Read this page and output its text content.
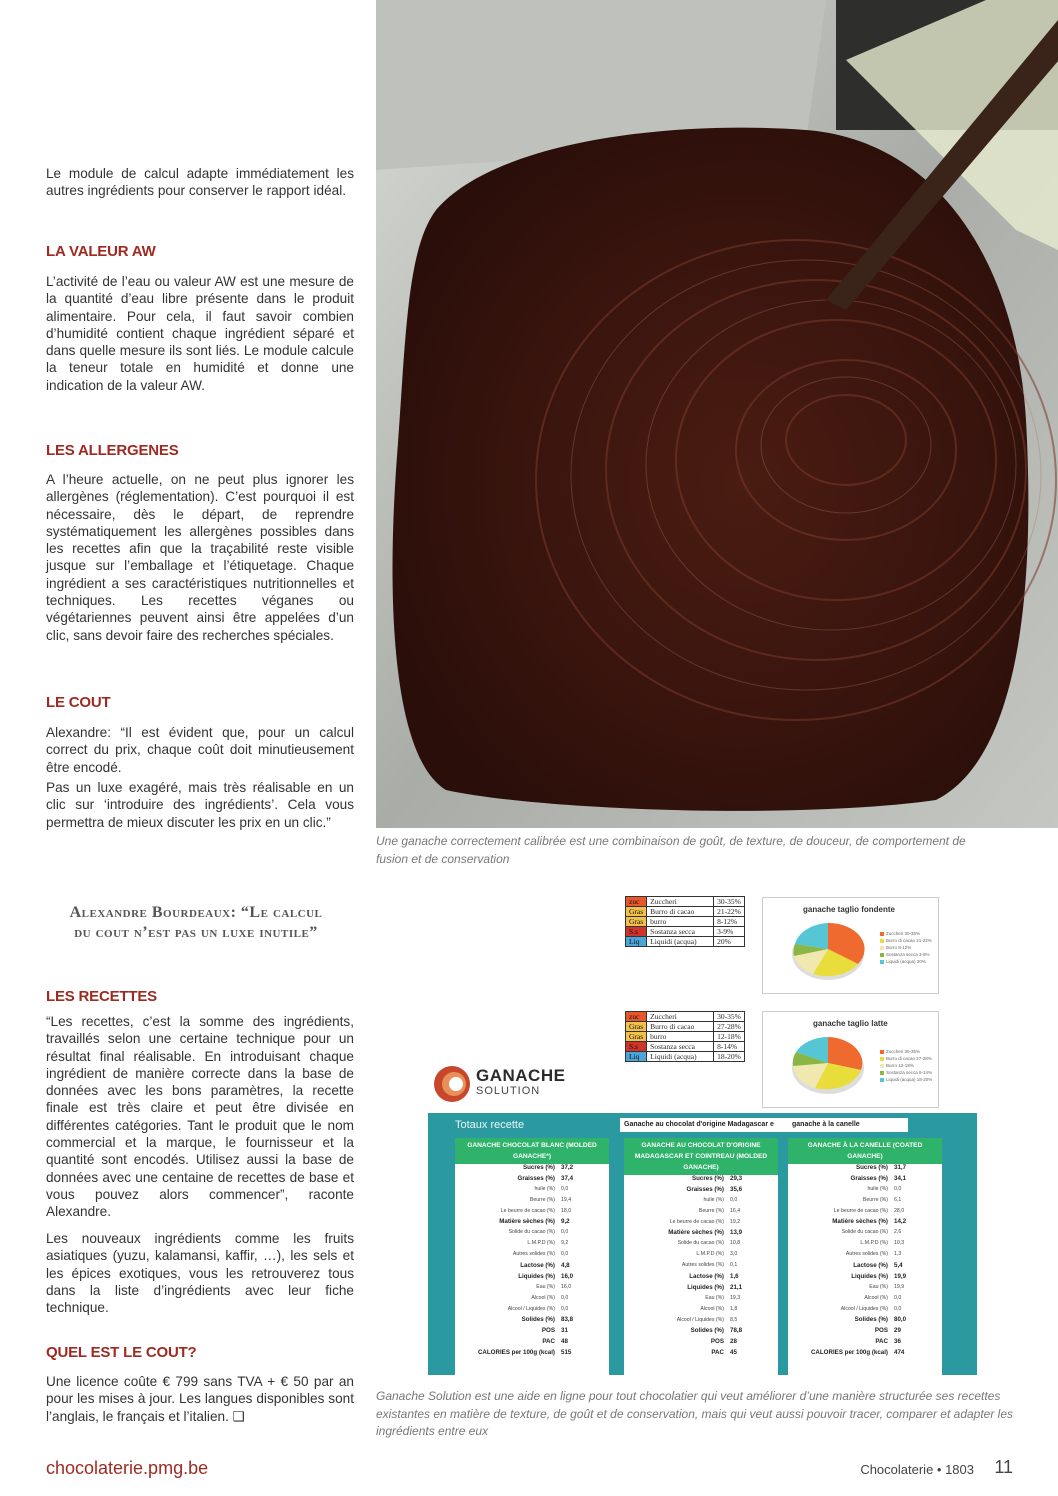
Le module de calcul adapte immédiatement les autres ingrédients pour conserver le rapport idéal.

LA VALEUR AW

L’activité de l’eau ou valeur AW est une mesure de la quantité d’eau libre présente dans le produit alimentaire. Pour cela, il faut savoir combien d’humidité contient chaque ingrédient séparé et dans quelle mesure ils sont liés. Le module calcule la teneur totale en humidité et donne une indication de la valeur AW.

LES ALLERGENES

A l’heure actuelle, on ne peut plus ignorer les allergènes (réglementation). C’est pourquoi il est nécessaire, dès le départ, de reprendre systématiquement les allergènes possibles dans les recettes afin que la traçabilité reste visible jusque sur l’emballage et l’étiquetage. Chaque ingrédient a ses caractéristiques nutritionnelles et techniques. Les recettes véganes ou végétariennes peuvent ainsi être appelées d’un clic, sans devoir faire des recherches spéciales.

LE COUT

Alexandre: “Il est évident que, pour un calcul correct du prix, chaque coût doit minutieusement être encodé.

Pas un luxe exagéré, mais très réalisable en un clic sur ‘introduire des ingrédients’. Cela vous permettra de mieux discuter les prix en un clic.”

Alexandre Bourdeaux: “Le calcul
du cout n’est pas un luxe inutile”
LES RECETTES

“Les recettes, c’est la somme des ingrédients, travaillés selon une certaine technique pour un résultat final réalisable. En introduisant chaque ingrédient de manière correcte dans la base de données avec les bons paramètres, la recette finale est très claire et peut être divisée en différentes catégories. Tant le produit que le nom commercial et la marque, le fournisseur et la quantité sont encodés. Utilisez aussi la base de données avec une centaine de recettes de base et vous pouvez alors commencer”, raconte Alexandre.

Les nouveaux ingrédients comme les fruits asiatiques (yuzu, kalamansi, kaffir, …), les sels et les épices exotiques, vous les retrouverez tous dans la liste d’ingrédients avec leur fiche technique.

QUEL EST LE COUT?

Une licence coûte € 799 sans TVA + € 50 par an pour les mises à jour. Les langues disponibles sont l’anglais, le français et l’italien. ❑

Une ganache correctement calibrée est une combinaison de goût, de texture, de douceur, de comportement de fusion et de conservation
zuc	Zuccheri	30-35%
Gras	Burro di cacao	21-22%
Gras	burro	8-12%
S.s	Sostanza secca	3-9%
Liq	Liquidi (acqua)	20%
ganache taglio fondente
Zuccheri 30-35%
Burro di cacao 21-22%
Burro 8-12%
Sostanza secca 3-9%
Liquidi (acqua) 20%
zuc	Zuccheri	30-35%
Gras	Burro di cacao	27-28%
Gras	burro	12-18%
S.s	Sostanza secca	8-14%
Liq	Liquidi (acqua)	18-20%
ganache taglio latte
Zuccheri 30-35%
Burro di cacao 27-28%
Burro 12-18%
Sostanza secca 8-14%
Liquidi (acqua) 18-20%
GANACHE
SOLUTION
Totaux recette	Ganache au chocolat d'origine Madagascar e	ganache à la canelle
GANACHE CHOCOLAT BLANC (MOLDED GANACHE*)
Sucres (%) 37,2
Graisses (%) 37,4
huile (%) 0,0
Beurre (%) 19,4
Le beurre de cacao (%) 18,0
Matière sèches (%) 9,2
Solide du cacao (%) 0,0
L.M.P.D (%) 9,2
Autres solides (%) 0,0
Lactose (%) 4,8
Liquides (%) 16,0
Eau (%) 16,0
Alcool (%) 0,0
Alcool / Liquides (%) 0,0
Solides (%) 83,8
POS 31
PAC 48
CALORIES per 100g (kcal) 515
GANACHE AU CHOCOLAT D'ORIGINE MADAGASCAR ET COINTREAU (MOLDED GANACHE)
Sucres (%) 29,3
Graisses (%) 35,6
huile (%) 0,0
Beurre (%) 16,4
Le beurre de cacao (%) 19,2
Matière sèches (%) 13,9
Solide du cacao (%) 10,8
L.M.P.D (%) 3,0
Autres solides (%) 0,1
Lactose (%) 1,6
Liquides (%) 21,1
Eau (%) 19,3
Alcool (%) 1,8
Alcool / Liquides (%) 8,5
Solides (%) 78,8
POS 28
PAC 45
GANACHE À LA CANELLE (COATED GANACHE)
Sucres (%) 31,7
Graisses (%) 34,1
huile (%) 0,0
Beurre (%) 6,1
Le beurre de cacao (%) 28,0
Matière sèches (%) 14,2
Solide du cacao (%) 2,6
L.M.P.D (%) 10,3
Autres solides (%) 1,3
Lactose (%) 5,4
Liquides (%) 19,9
Eau (%) 19,9
Alcool (%) 0,0
Alcool / Liquides (%) 0,0
Solides (%) 80,0
POS 29
PAC 36
CALORIES per 100g (kcal) 474
Ganache Solution est une aide en ligne pour tout chocolatier qui veut améliorer d’une manière structurée ses recettes existantes en matière de texture, de goût et de conservation, mais qui veut aussi pouvoir tracer, comparer et adapter les ingrédients entre eux
chocolaterie.pmg.be	Chocolaterie • 1803 11
